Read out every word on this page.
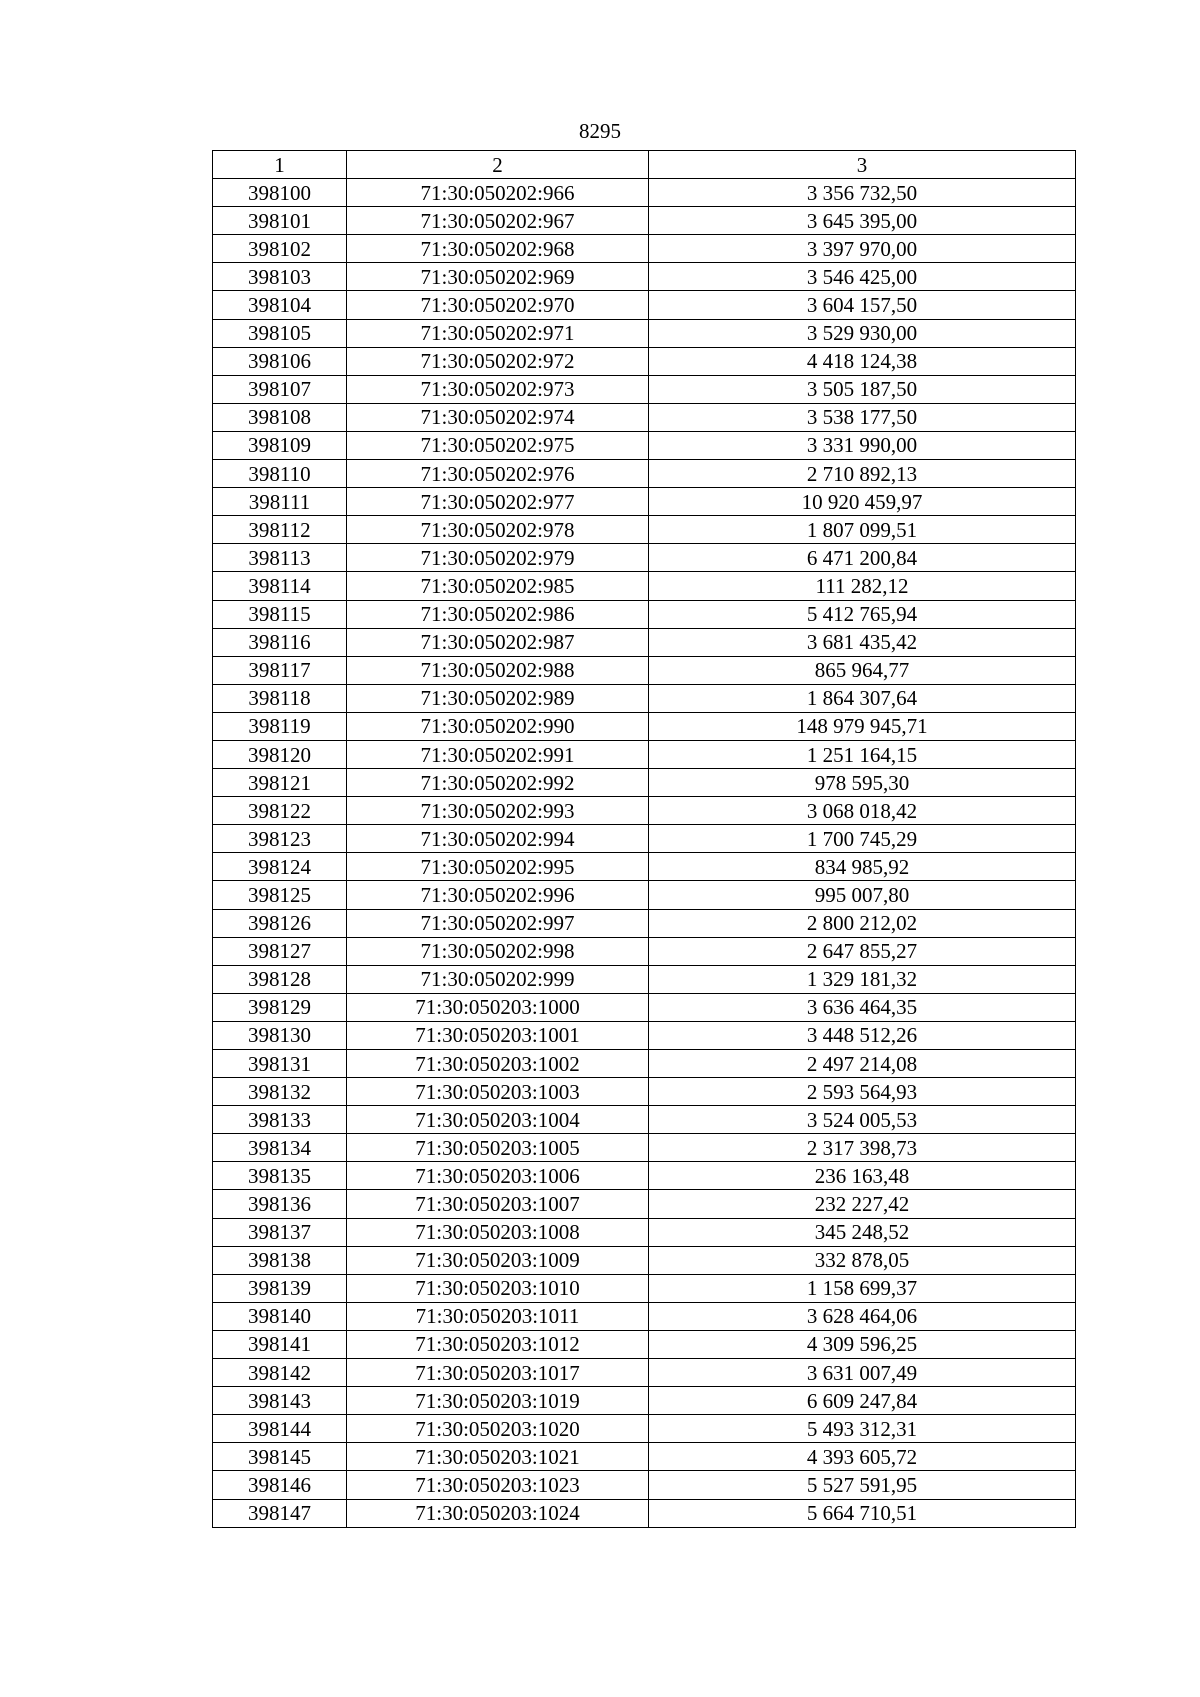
8295
1	2	3
398100	71:30:050202:966	3 356 732,50
398101	71:30:050202:967	3 645 395,00
398102	71:30:050202:968	3 397 970,00
398103	71:30:050202:969	3 546 425,00
398104	71:30:050202:970	3 604 157,50
398105	71:30:050202:971	3 529 930,00
398106	71:30:050202:972	4 418 124,38
398107	71:30:050202:973	3 505 187,50
398108	71:30:050202:974	3 538 177,50
398109	71:30:050202:975	3 331 990,00
398110	71:30:050202:976	2 710 892,13
398111	71:30:050202:977	10 920 459,97
398112	71:30:050202:978	1 807 099,51
398113	71:30:050202:979	6 471 200,84
398114	71:30:050202:985	111 282,12
398115	71:30:050202:986	5 412 765,94
398116	71:30:050202:987	3 681 435,42
398117	71:30:050202:988	865 964,77
398118	71:30:050202:989	1 864 307,64
398119	71:30:050202:990	148 979 945,71
398120	71:30:050202:991	1 251 164,15
398121	71:30:050202:992	978 595,30
398122	71:30:050202:993	3 068 018,42
398123	71:30:050202:994	1 700 745,29
398124	71:30:050202:995	834 985,92
398125	71:30:050202:996	995 007,80
398126	71:30:050202:997	2 800 212,02
398127	71:30:050202:998	2 647 855,27
398128	71:30:050202:999	1 329 181,32
398129	71:30:050203:1000	3 636 464,35
398130	71:30:050203:1001	3 448 512,26
398131	71:30:050203:1002	2 497 214,08
398132	71:30:050203:1003	2 593 564,93
398133	71:30:050203:1004	3 524 005,53
398134	71:30:050203:1005	2 317 398,73
398135	71:30:050203:1006	236 163,48
398136	71:30:050203:1007	232 227,42
398137	71:30:050203:1008	345 248,52
398138	71:30:050203:1009	332 878,05
398139	71:30:050203:1010	1 158 699,37
398140	71:30:050203:1011	3 628 464,06
398141	71:30:050203:1012	4 309 596,25
398142	71:30:050203:1017	3 631 007,49
398143	71:30:050203:1019	6 609 247,84
398144	71:30:050203:1020	5 493 312,31
398145	71:30:050203:1021	4 393 605,72
398146	71:30:050203:1023	5 527 591,95
398147	71:30:050203:1024	5 664 710,51
